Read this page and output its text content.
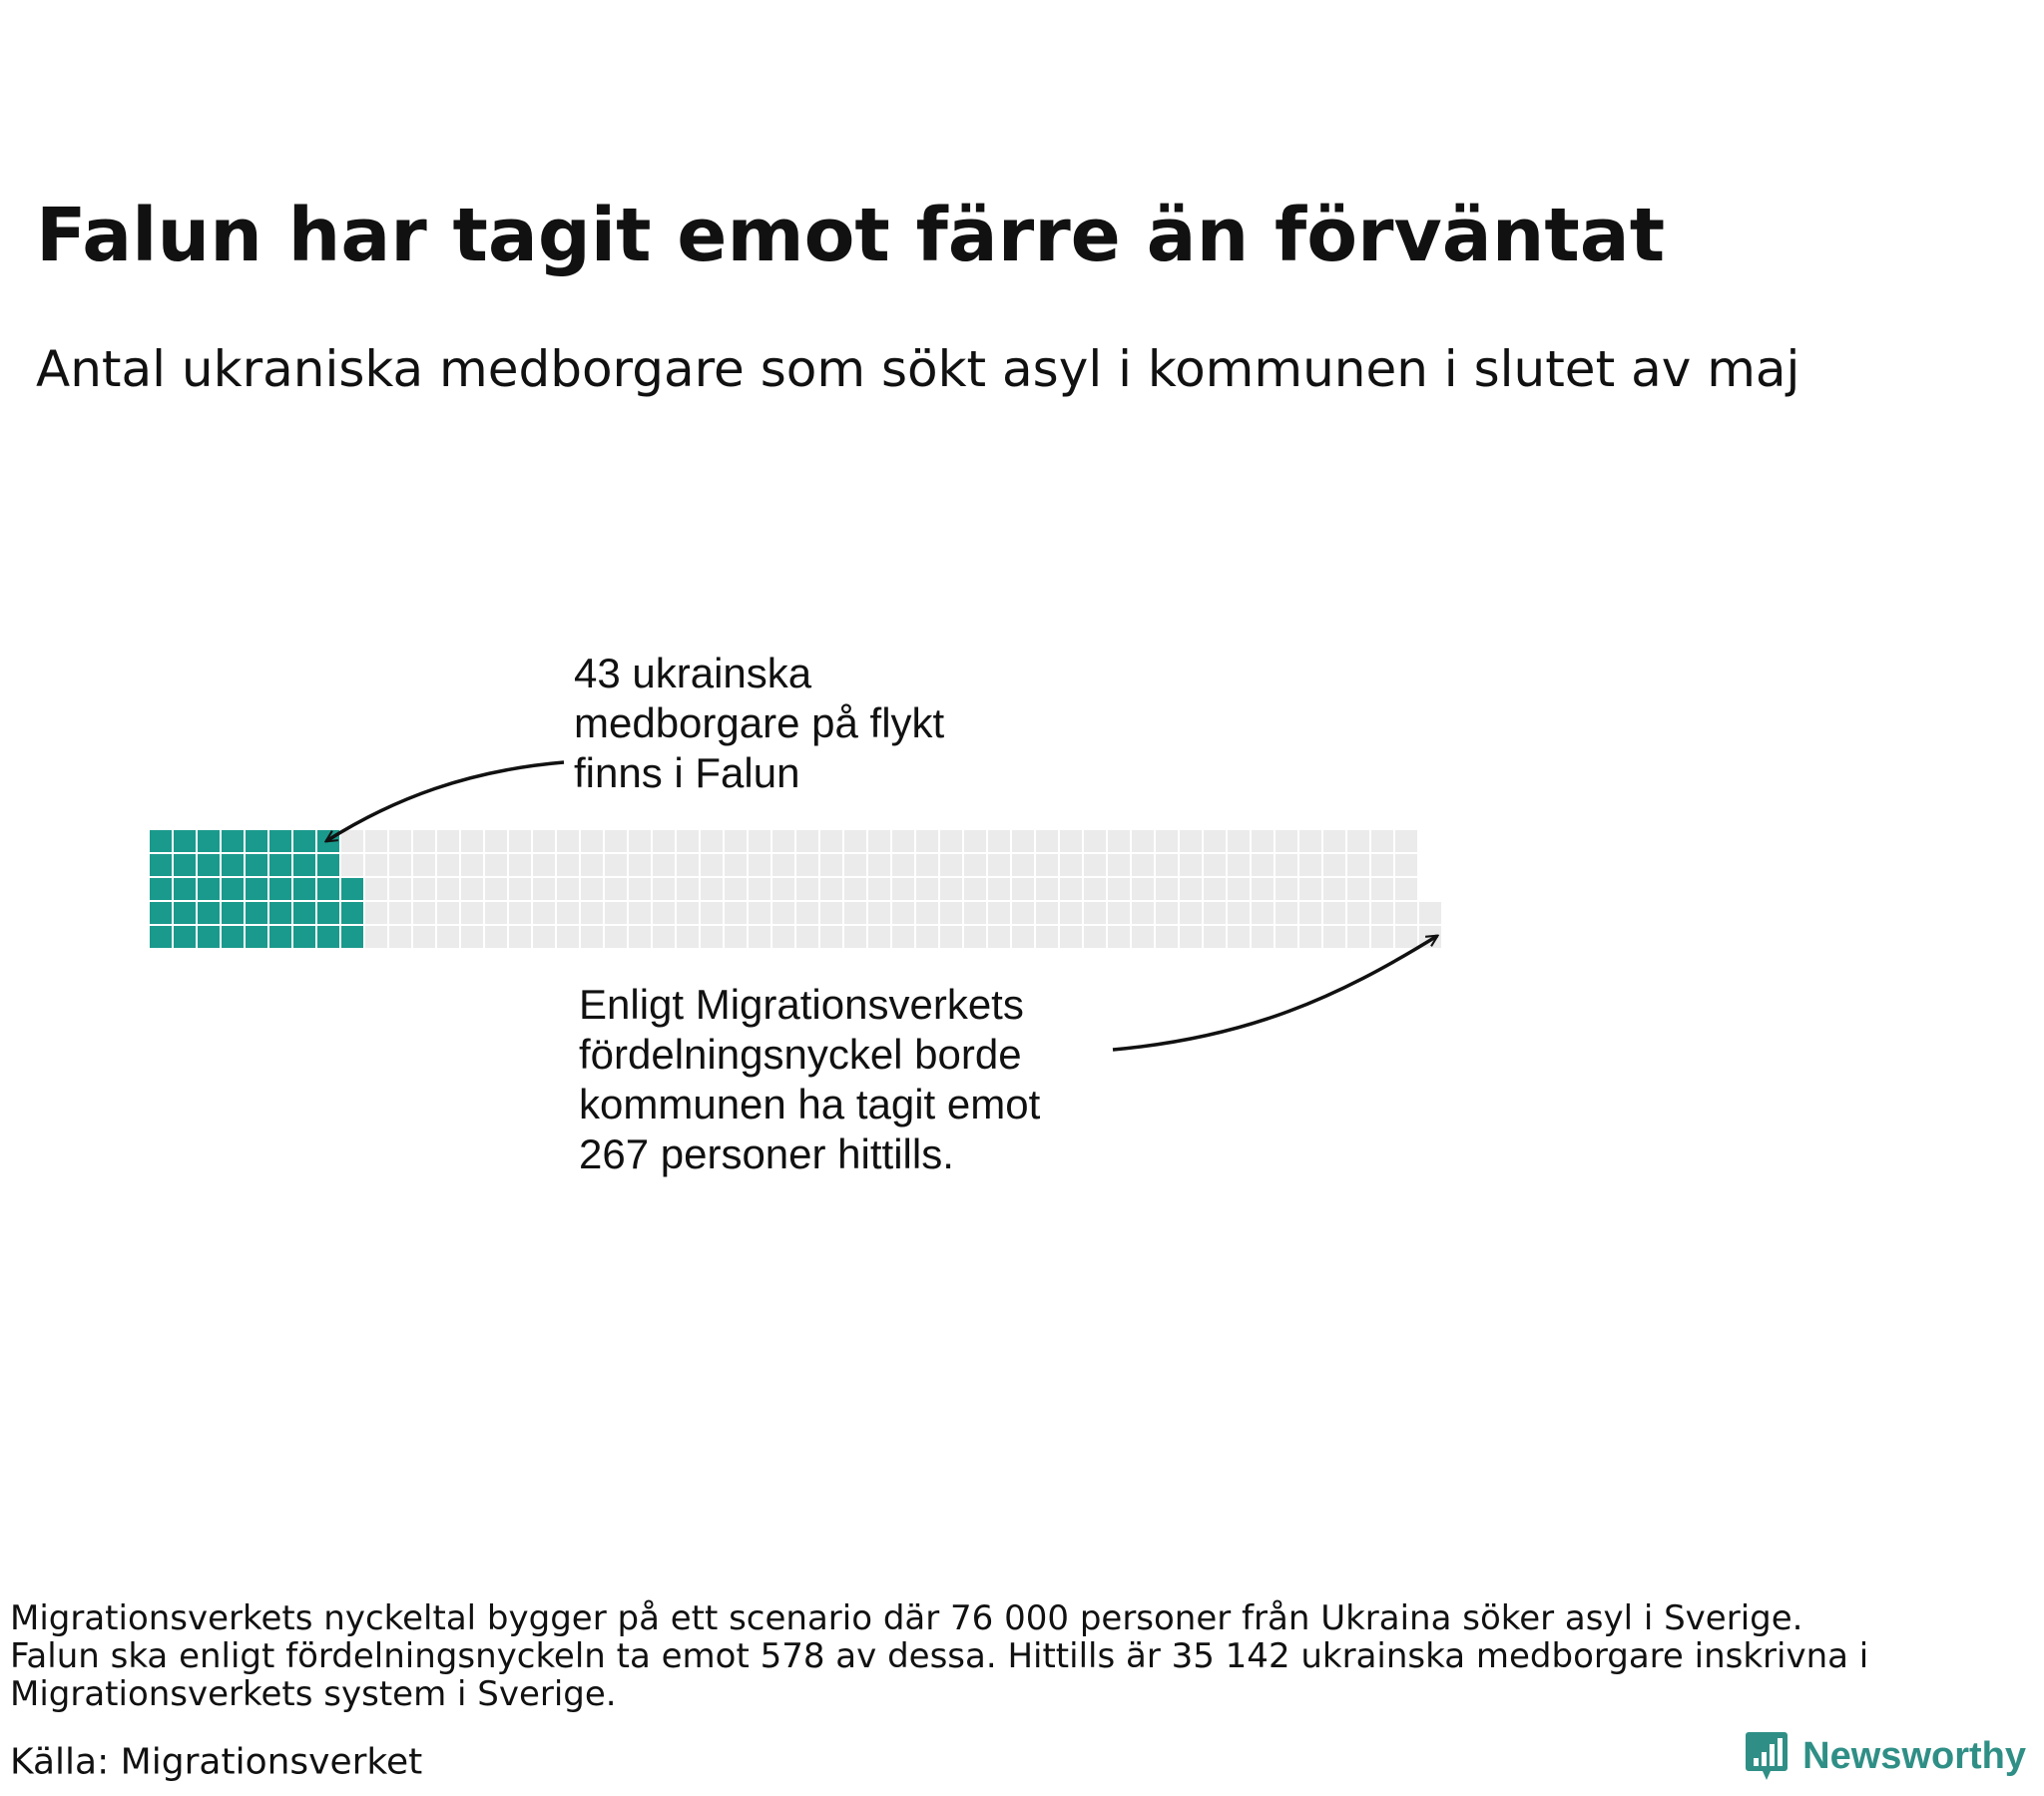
Falun har tagit emot färre än förväntat

Antal ukraniska medborgare som sökt asyl i kommunen i slutet av maj

43 ukrainska
medborgare på flykt
finns i Falun
Enligt Migrationsverkets
fördelningsnyckel borde
kommunen ha tagit emot
267 personer hittills.
Migrationsverkets nyckeltal bygger på ett scenario där 76 000 personer från Ukraina söker asyl i Sverige.
Falun ska enligt fördelningsnyckeln ta emot 578 av dessa. Hittills är 35 142 ukrainska medborgare inskrivna i
Migrationsverkets system i Sverige.
Källa: Migrationsverket	Newsworthy
